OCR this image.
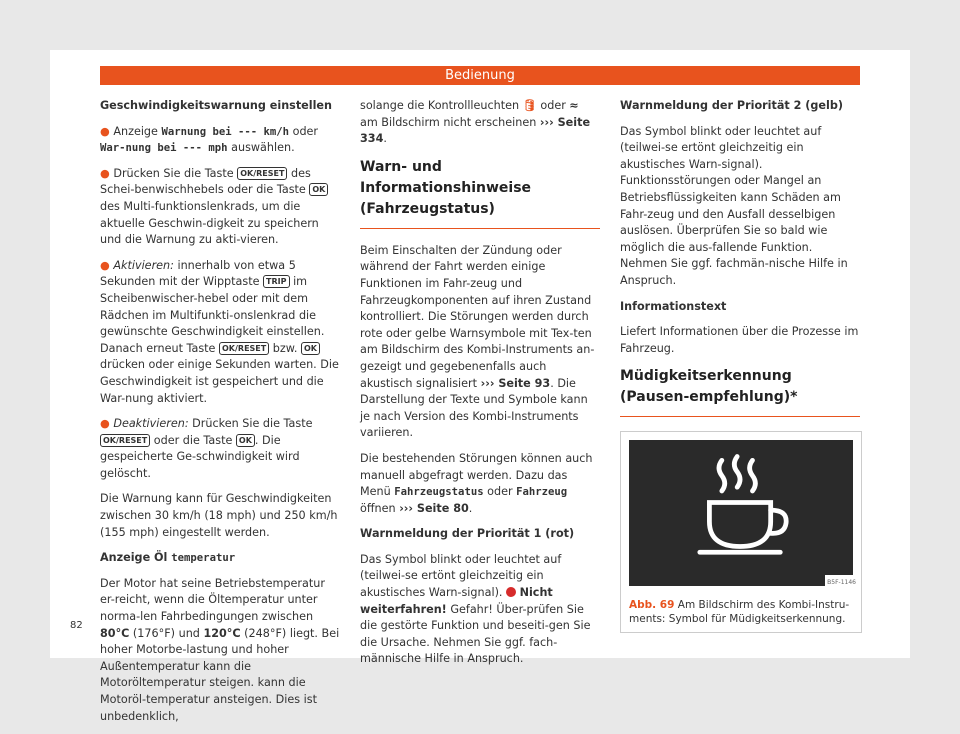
Bedienung

Geschwindigkeitswarnung einstellen

● Anzeige Warnung bei --- km/h oder War-nung bei --- mph auswählen.

● Drücken Sie die Taste OK/RESET des Schei-benwischhebels oder die Taste OK des Multi-funktionslenkrads, um die aktuelle Geschwin-digkeit zu speichern und die Warnung zu akti-vieren.

● Aktivieren: innerhalb von etwa 5 Sekunden mit der Wipptaste TRIP im Scheibenwischer-hebel oder mit dem Rädchen im Multifunkti-onslenkrad die gewünschte Geschwindigkeit einstellen. Danach erneut Taste OK/RESET bzw. OK drücken oder einige Sekunden warten. Die Geschwindigkeit ist gespeichert und die War-nung aktiviert.

● Deaktivieren: Drücken Sie die Taste OK/RESET oder die Taste OK . Die gespeicherte Ge-schwindigkeit wird gelöscht.

Die Warnung kann für Geschwindigkeiten zwischen 30 km/h (18 mph) und 250 km/h (155 mph) eingestellt werden.

Anzeige Öl temperatur

Der Motor hat seine Betriebstemperatur er-reicht, wenn die Öltemperatur unter norma-len Fahrbedingungen zwischen 80°C (176°F) und 120°C (248°F) liegt. Bei hoher Motorbe-lastung und hoher Außentemperatur kann die Motoröltemperatur steigen. kann die Motoröl-temperatur ansteigen. Dies ist unbedenklich,

solange die Kontrollleuchten 🛢 oder ≈ am Bildschirm nicht erscheinen ››› Seite 334.

Warn- und Informationshinweise (Fahrzeugstatus)

Beim Einschalten der Zündung oder während der Fahrt werden einige Funktionen im Fahr-zeug und Fahrzeugkomponenten auf ihren Zustand kontrolliert. Die Störungen werden durch rote oder gelbe Warnsymbole mit Tex-ten am Bildschirm des Kombi-Instruments an-gezeigt und gegebenenfalls auch akustisch signalisiert ››› Seite 93. Die Darstellung der Texte und Symbole kann je nach Version des Kombi-Instruments variieren.

Die bestehenden Störungen können auch manuell abgefragt werden. Dazu das Menü Fahrzeugstatus oder Fahrzeug öffnen ››› Seite 80.

Warnmeldung der Priorität 1 (rot)

Das Symbol blinkt oder leuchtet auf (teilwei-se ertönt gleichzeitig ein akustisches Warn-signal).  Nicht weiterfahren! Gefahr! Über-prüfen Sie die gestörte Funktion und beseiti-gen Sie die Ursache. Nehmen Sie ggf. fach-männische Hilfe in Anspruch.

Warnmeldung der Priorität 2 (gelb)

Das Symbol blinkt oder leuchtet auf (teilwei-se ertönt gleichzeitig ein akustisches Warn-signal). Funktionsstörungen oder Mangel an Betriebsflüssigkeiten kann Schäden am Fahr-zeug und den Ausfall desselbigen auslösen. Überprüfen Sie so bald wie möglich die aus-fallende Funktion. Nehmen Sie ggf. fachmän-nische Hilfe in Anspruch.

Informationstext

Liefert Informationen über die Prozesse im Fahrzeug.

Müdigkeitserkennung (Pausen-empfehlung)*
B5F-1146
Abb. 69 Am Bildschirm des Kombi-Instru-ments: Symbol für Müdigkeitserkennung.
82
